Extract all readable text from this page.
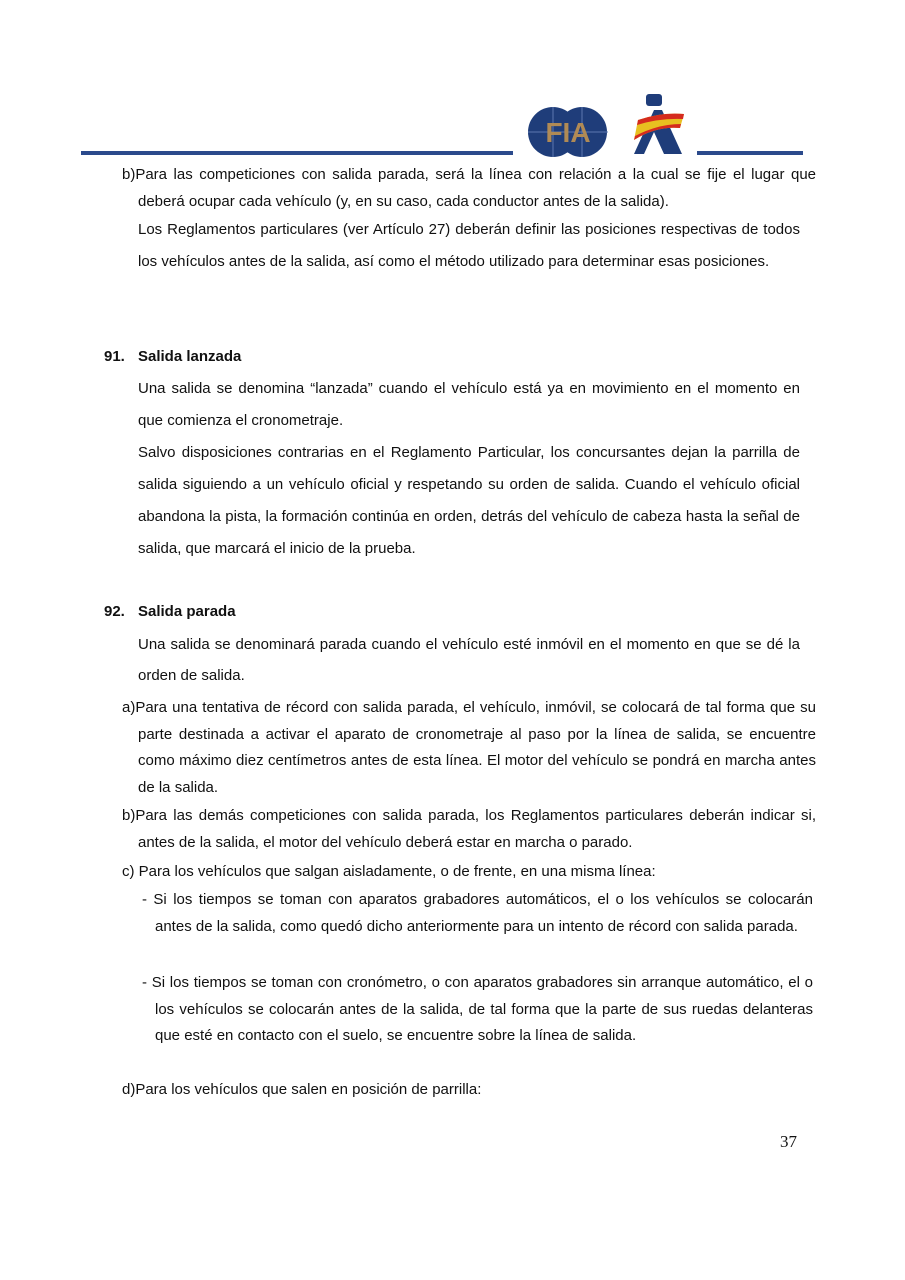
FIA
b)Para las competiciones con salida parada, será la línea con relación a la cual se fije el lugar que deberá ocupar cada vehículo (y, en su caso, cada conductor antes de la salida).
Los Reglamentos particulares (ver Artículo 27) deberán definir las posiciones respectivas de todos los vehículos antes de la salida, así como el método utilizado para determinar esas posiciones.
91. Salida lanzada
Una salida se denomina “lanzada” cuando el vehículo está ya en movimiento en el momento en que comienza el cronometraje.
Salvo disposiciones contrarias en el Reglamento Particular, los concursantes dejan la parrilla de salida siguiendo a un vehículo oficial y respetando su orden de salida. Cuando el vehículo oficial abandona la pista, la formación continúa en orden, detrás del vehículo de cabeza hasta la señal de salida, que marcará el inicio de la prueba.
92. Salida parada
Una salida se denominará parada cuando el vehículo esté inmóvil en el momento en que se dé la orden de salida.
a)Para una tentativa de récord con salida parada, el vehículo, inmóvil, se colocará de tal forma que su parte destinada a activar el aparato de cronometraje al paso por la línea de salida, se encuentre como máximo diez centímetros antes de esta línea. El motor del vehículo se pondrá en marcha antes de la salida.
b)Para las demás competiciones con salida parada, los Reglamentos particulares deberán indicar si, antes de la salida, el motor del vehículo deberá estar en marcha o parado.
c) Para los vehículos que salgan aisladamente, o de frente, en una misma línea:
- Si los tiempos se toman con aparatos grabadores automáticos, el o los vehículos se colocarán antes de la salida, como quedó dicho anteriormente para un intento de récord con salida parada.
- Si los tiempos se toman con cronómetro, o con aparatos grabadores sin arranque automático, el o los vehículos se colocarán antes de la salida, de tal forma que la parte de sus ruedas delanteras que esté en contacto con el suelo, se encuentre sobre la línea de salida.
d)Para los vehículos que salen en posición de parrilla:
37
